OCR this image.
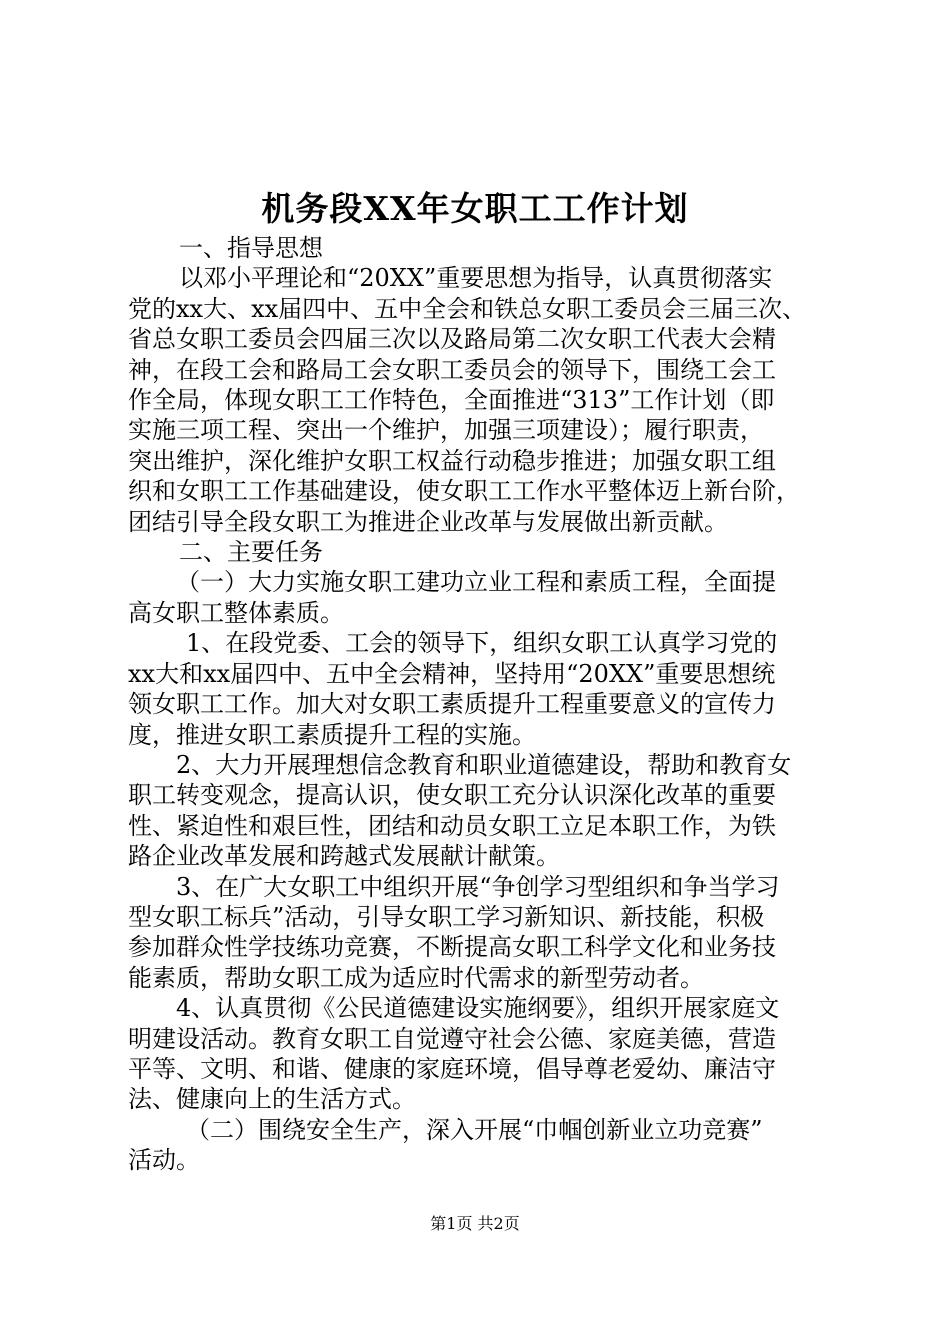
机务段XX年女职工工作计划

一、指导思想

以邓小平理论和“20XX”重要思想为指导，认真贯彻落实

党的xx大、xx届四中、五中全会和铁总女职工委员会三届三次、

省总女职工委员会四届三次以及路局第二次女职工代表大会精

神，在段工会和路局工会女职工委员会的领导下，围绕工会工

作全局，体现女职工工作特色，全面推进“313”工作计划（即

实施三项工程、突出一个维护，加强三项建设）；履行职责，

突出维护，深化维护女职工权益行动稳步推进；加强女职工组

织和女职工工作基础建设，使女职工工作水平整体迈上新台阶，

团结引导全段女职工为推进企业改革与发展做出新贡献。

二、主要任务

（一）大力实施女职工建功立业工程和素质工程，全面提

高女职工整体素质。

1、在段党委、工会的领导下，组织女职工认真学习党的

xx大和xx届四中、五中全会精神，坚持用“20XX”重要思想统

领女职工工作。加大对女职工素质提升工程重要意义的宣传力

度，推进女职工素质提升工程的实施。

2、大力开展理想信念教育和职业道德建设，帮助和教育女

职工转变观念，提高认识，使女职工充分认识深化改革的重要

性、紧迫性和艰巨性，团结和动员女职工立足本职工作，为铁

路企业改革发展和跨越式发展献计献策。

3、在广大女职工中组织开展“争创学习型组织和争当学习

型女职工标兵”活动，引导女职工学习新知识、新技能，积极

参加群众性学技练功竞赛，不断提高女职工科学文化和业务技

能素质，帮助女职工成为适应时代需求的新型劳动者。

4、认真贯彻《公民道德建设实施纲要》，组织开展家庭文

明建设活动。教育女职工自觉遵守社会公德、家庭美德，营造

平等、文明、和谐、健康的家庭环境，倡导尊老爱幼、廉洁守

法、健康向上的生活方式。

（二）围绕安全生产，深入开展“巾帼创新业立功竞赛”

活动。

第1页 共2页
